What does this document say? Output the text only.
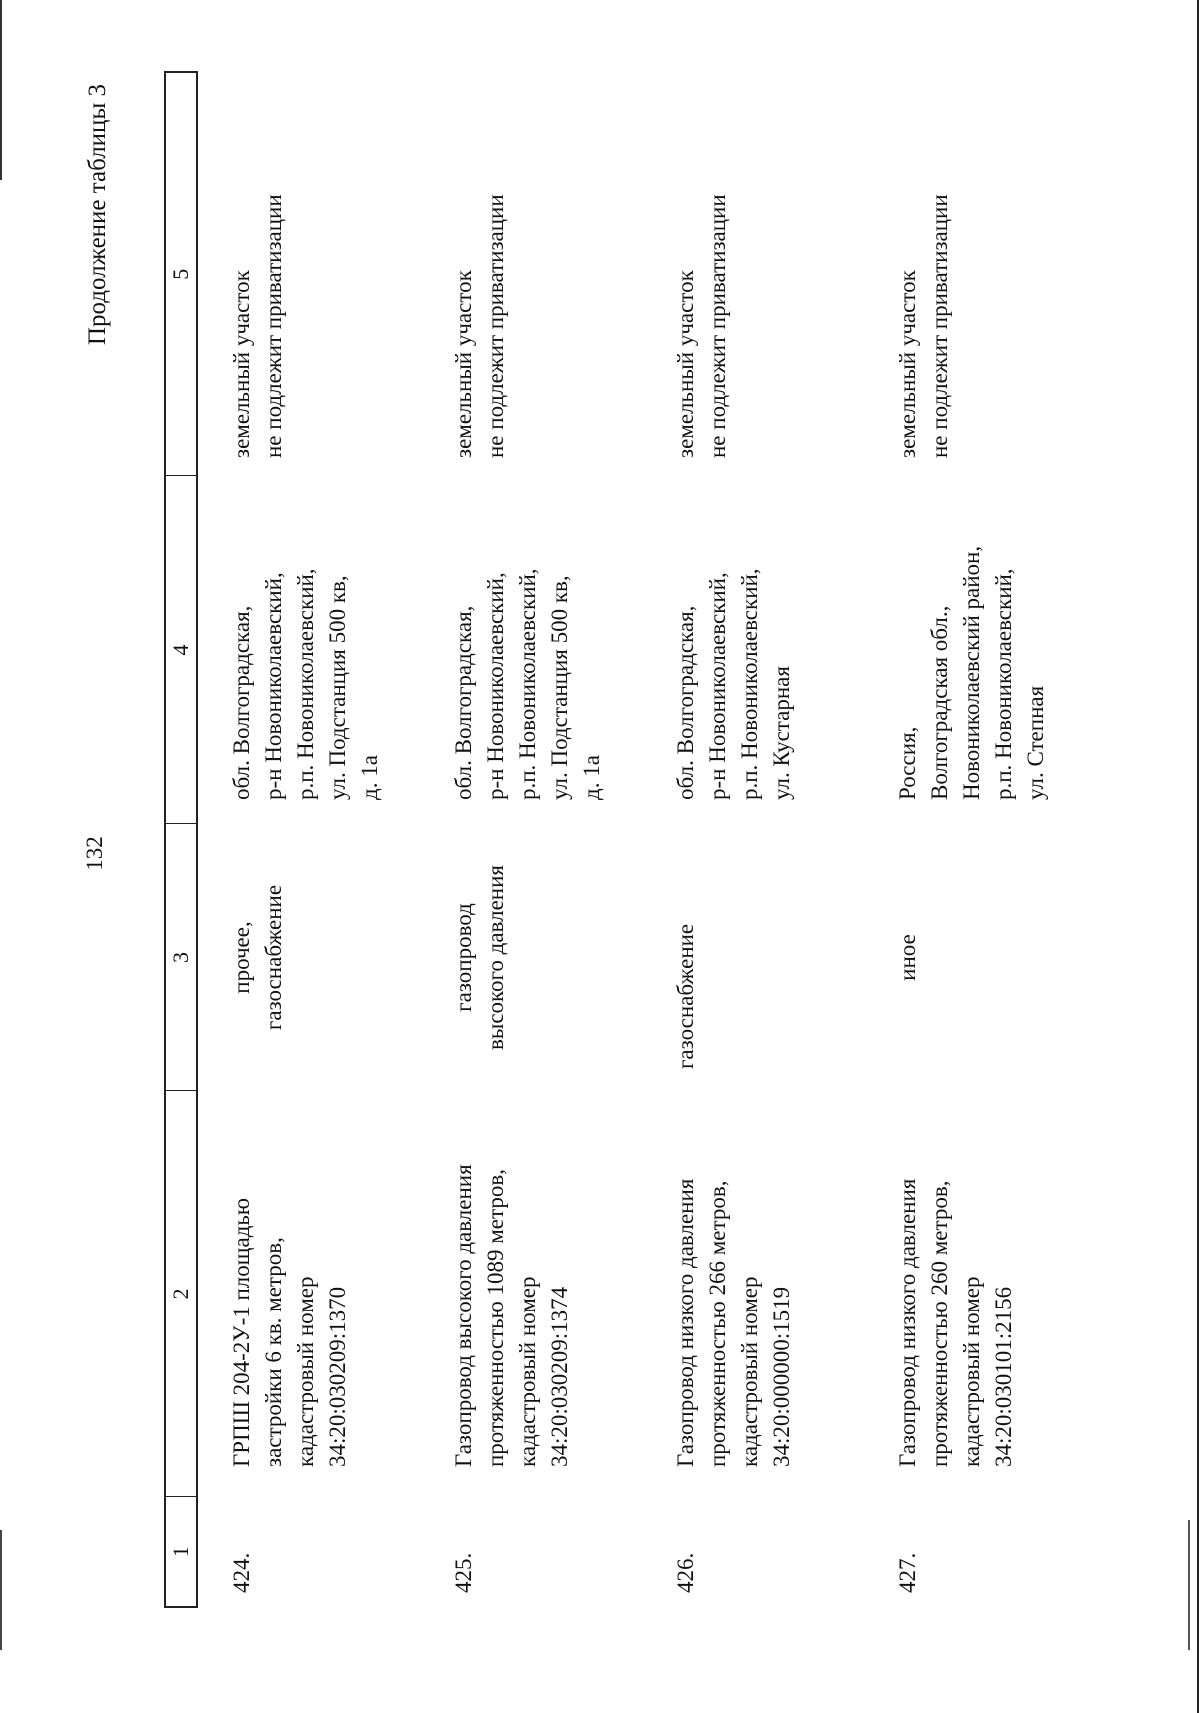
132
Продолжение таблицы 3
1	2	3	4	5
424.	ГРПШ 204-2У-1 площадью застройки 6 кв. метров, кадастровый номер 34:20:030209:1370	прочее, газоснабжение	обл. Волгоградская, р-н Новониколаевский, р.п. Новониколаевский, ул. Подстанция 500 кв, д. 1а	земельный участок не подлежит приватизации

425.	Газопровод высокого давления протяженностью 1089 метров, кадастровый номер 34:20:030209:1374	газопровод высокого давления	обл. Волгоградская, р-н Новониколаевский, р.п. Новониколаевский, ул. Подстанция 500 кв, д. 1а	земельный участок не подлежит приватизации

426.	Газопровод низкого давления протяженностью 266 метров, кадастровый номер 34:20:000000:1519	газоснабжение	обл. Волгоградская, р-н Новониколаевский, р.п. Новониколаевский, ул. Кустарная	земельный участок не подлежит приватизации

427.	Газопровод низкого давления протяженностью 260 метров, кадастровый номер 34:20:030101:2156	иное	Россия, Волгоградская обл., Новониколаевский район, р.п. Новониколаевский, ул. Степная	земельный участок не подлежит приватизации
